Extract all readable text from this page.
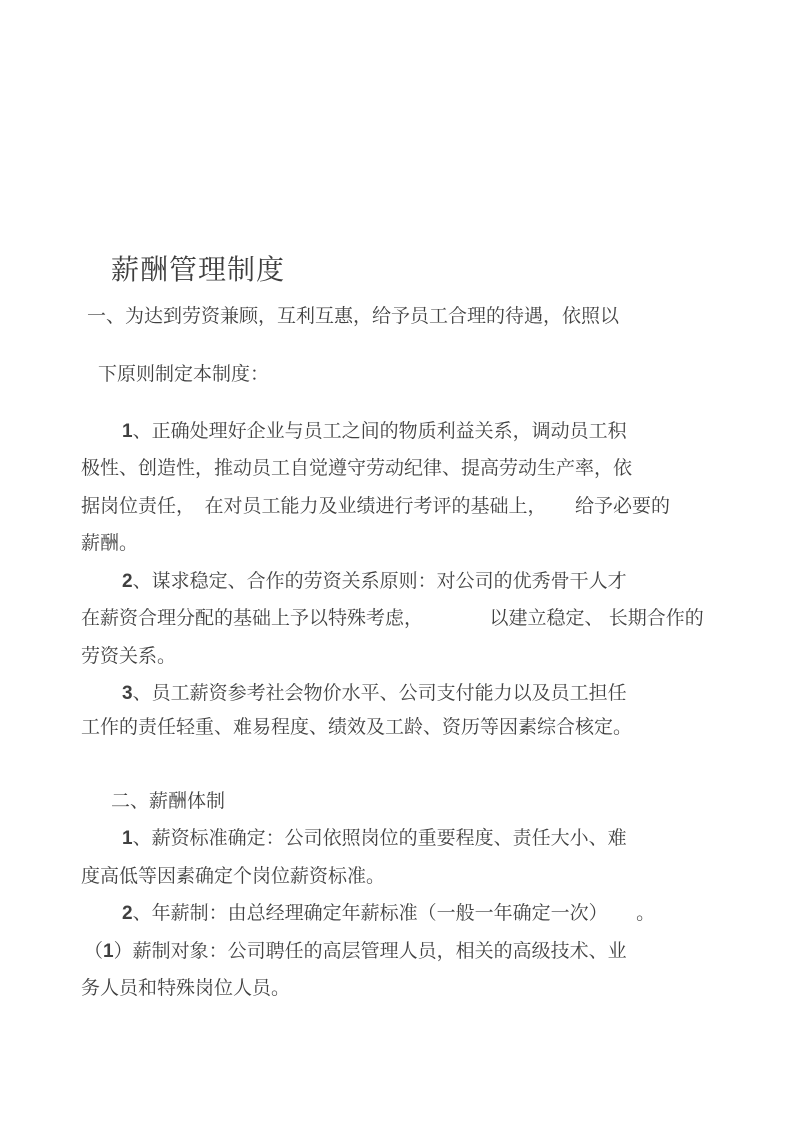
薪酬管理制度

一、为达到劳资兼顾，互利互惠，给予员工合理的待遇，依照以

下原则制定本制度：

1、正确处理好企业与员工之间的物质利益关系，调动员工积

极性、创造性，推动员工自觉遵守劳动纪律、提高劳动生产率，依

据岗位责任，　在对员工能力及业绩进行考评的基础上，　　给予必要的

薪酬。

2、谋求稳定、合作的劳资关系原则：对公司的优秀骨干人才

在薪资合理分配的基础上予以特殊考虑，　　　　以建立稳定、 长期合作的

劳资关系。

3、员工薪资参考社会物价水平、公司支付能力以及员工担任

工作的责任轻重、难易程度、绩效及工龄、资历等因素综合核定。

二、薪酬体制

1、薪资标准确定：公司依照岗位的重要程度、责任大小、难

度高低等因素确定个岗位薪资标准。

2、年薪制：由总经理确定年薪标准（一般一年确定一次）　　。

（1）薪制对象：公司聘任的高层管理人员，相关的高级技术、业

务人员和特殊岗位人员。
